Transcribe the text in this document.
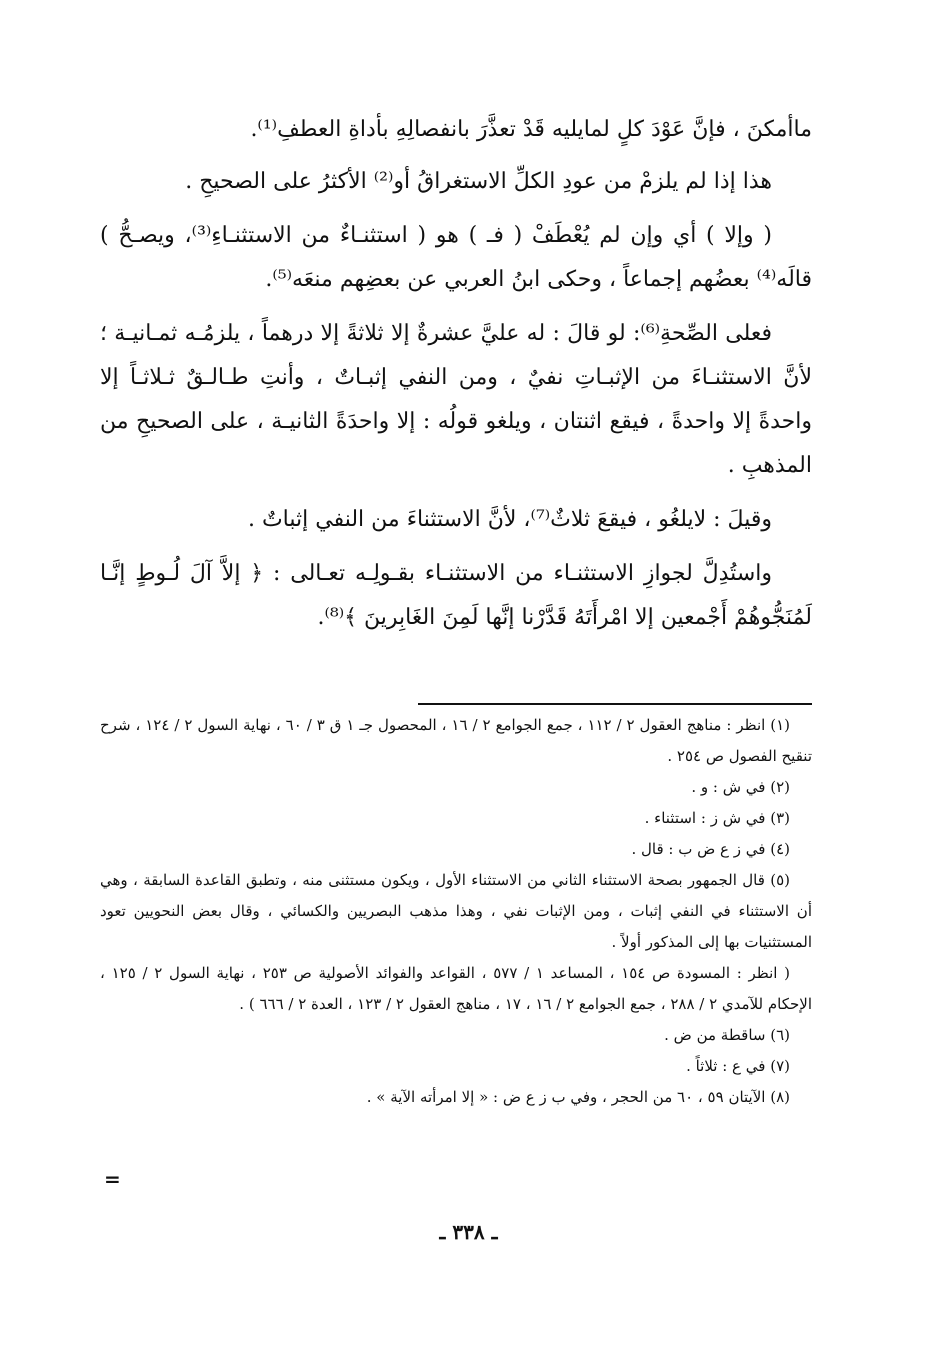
ماأمكنَ ، فإنَّ عَوْدَ كلٍ لمايليه قَدْ تعذَّرَ بانفصالِهِ بأداةِ العطفِ⁽¹⁾.

هذا إذا لم يلزمْ من عودِ الكلِّ الاستغراقُ أو⁽²⁾ الأكثرُ على الصحيحِ .

( وإلا ) أي وإن لم يُعْطَفْ ( فـ ) هو ( استثنـاءٌ من الاستثنـاءِ⁽³⁾، ويصـحُّ ) قالَه⁽⁴⁾ بعضُهم إجماعاً ، وحكى ابنُ العربي عن بعضِهم منعَه⁽⁵⁾.

فعلى الصِّحةِ⁽⁶⁾: لو قالَ : له عليَّ عشرةٌ إلا ثلاثةً إلا درهماً ، يلزمُـه ثمـانيـة ؛ لأنَّ الاستثنـاءَ من الإثبـاتِ نفيٌ ، ومن النفي إثبـاتٌ ، وأنتِ طـالـقٌ ثـلاثـاً إلا واحدةً إلا واحدةً ، فيقع اثنتان ، ويلغو قولُه : إلا واحدَةً الثانيـة ، على الصحيحِ من المذهبِ .

وقيلَ : لايلغُو ، فيقعَ ثلاثٌ⁽⁷⁾، لأنَّ الاستثناءَ من النفي إثباتٌ .

واستُدِلَّ لجوازِ الاستثنـاء من الاستثنـاء بقـولِـه تعـالى : ﴿ إلاَّ آلَ لُـوطٍ إنَّـا لَمُنَجُّوهُمْ أَجْمعين إلا امْرأَتَهُ قَدَّرْنا إنَّها لَمِنَ الغَابِرينَ ﴾⁽⁸⁾.

(١) انظر : مناهج العقول ٢ / ١١٢ ، جمع الجوامع ٢ / ١٦ ، المحصول جـ ١ ق ٣ / ٦٠ ، نهاية السول ٢ / ١٢٤ ، شرح تنقيح الفصول ص ٢٥٤ .

(٢) في ش : و .

(٣) في ش ز : استثناء .

(٤) في ز ع ض ب : قال .

(٥) قال الجمهور بصحة الاستثناء الثاني من الاستثناء الأول ، ويكون مستثنى منه ، وتطبق القاعدة السابقة ، وهي أن الاستثناء في النفي إثبات ، ومن الإثبات نفي ، وهذا مذهب البصريين والكسائي ، وقال بعض النحويين تعود المستثنيات بها إلى المذكور أولاً .

( انظر : المسودة ص ١٥٤ ، المساعد ١ / ٥٧٧ ، القواعد والفوائد الأصولية ص ٢٥٣ ، نهاية السول ٢ / ١٢٥ ، الإحكام للآمدي ٢ / ٢٨٨ ، جمع الجوامع ٢ / ١٦ ، ١٧ ، مناهج العقول ٢ / ١٢٣ ، العدة ٢ / ٦٦٦ ) .

(٦) ساقطة من ض .

(٧) في ع : ثلاثاً .

(٨) الآيتان ٥٩ ، ٦٠ من الحجر ، وفي ب ز ع ض : « إلا امرأته الآية » .

=
ـ ٣٣٨ ـ
